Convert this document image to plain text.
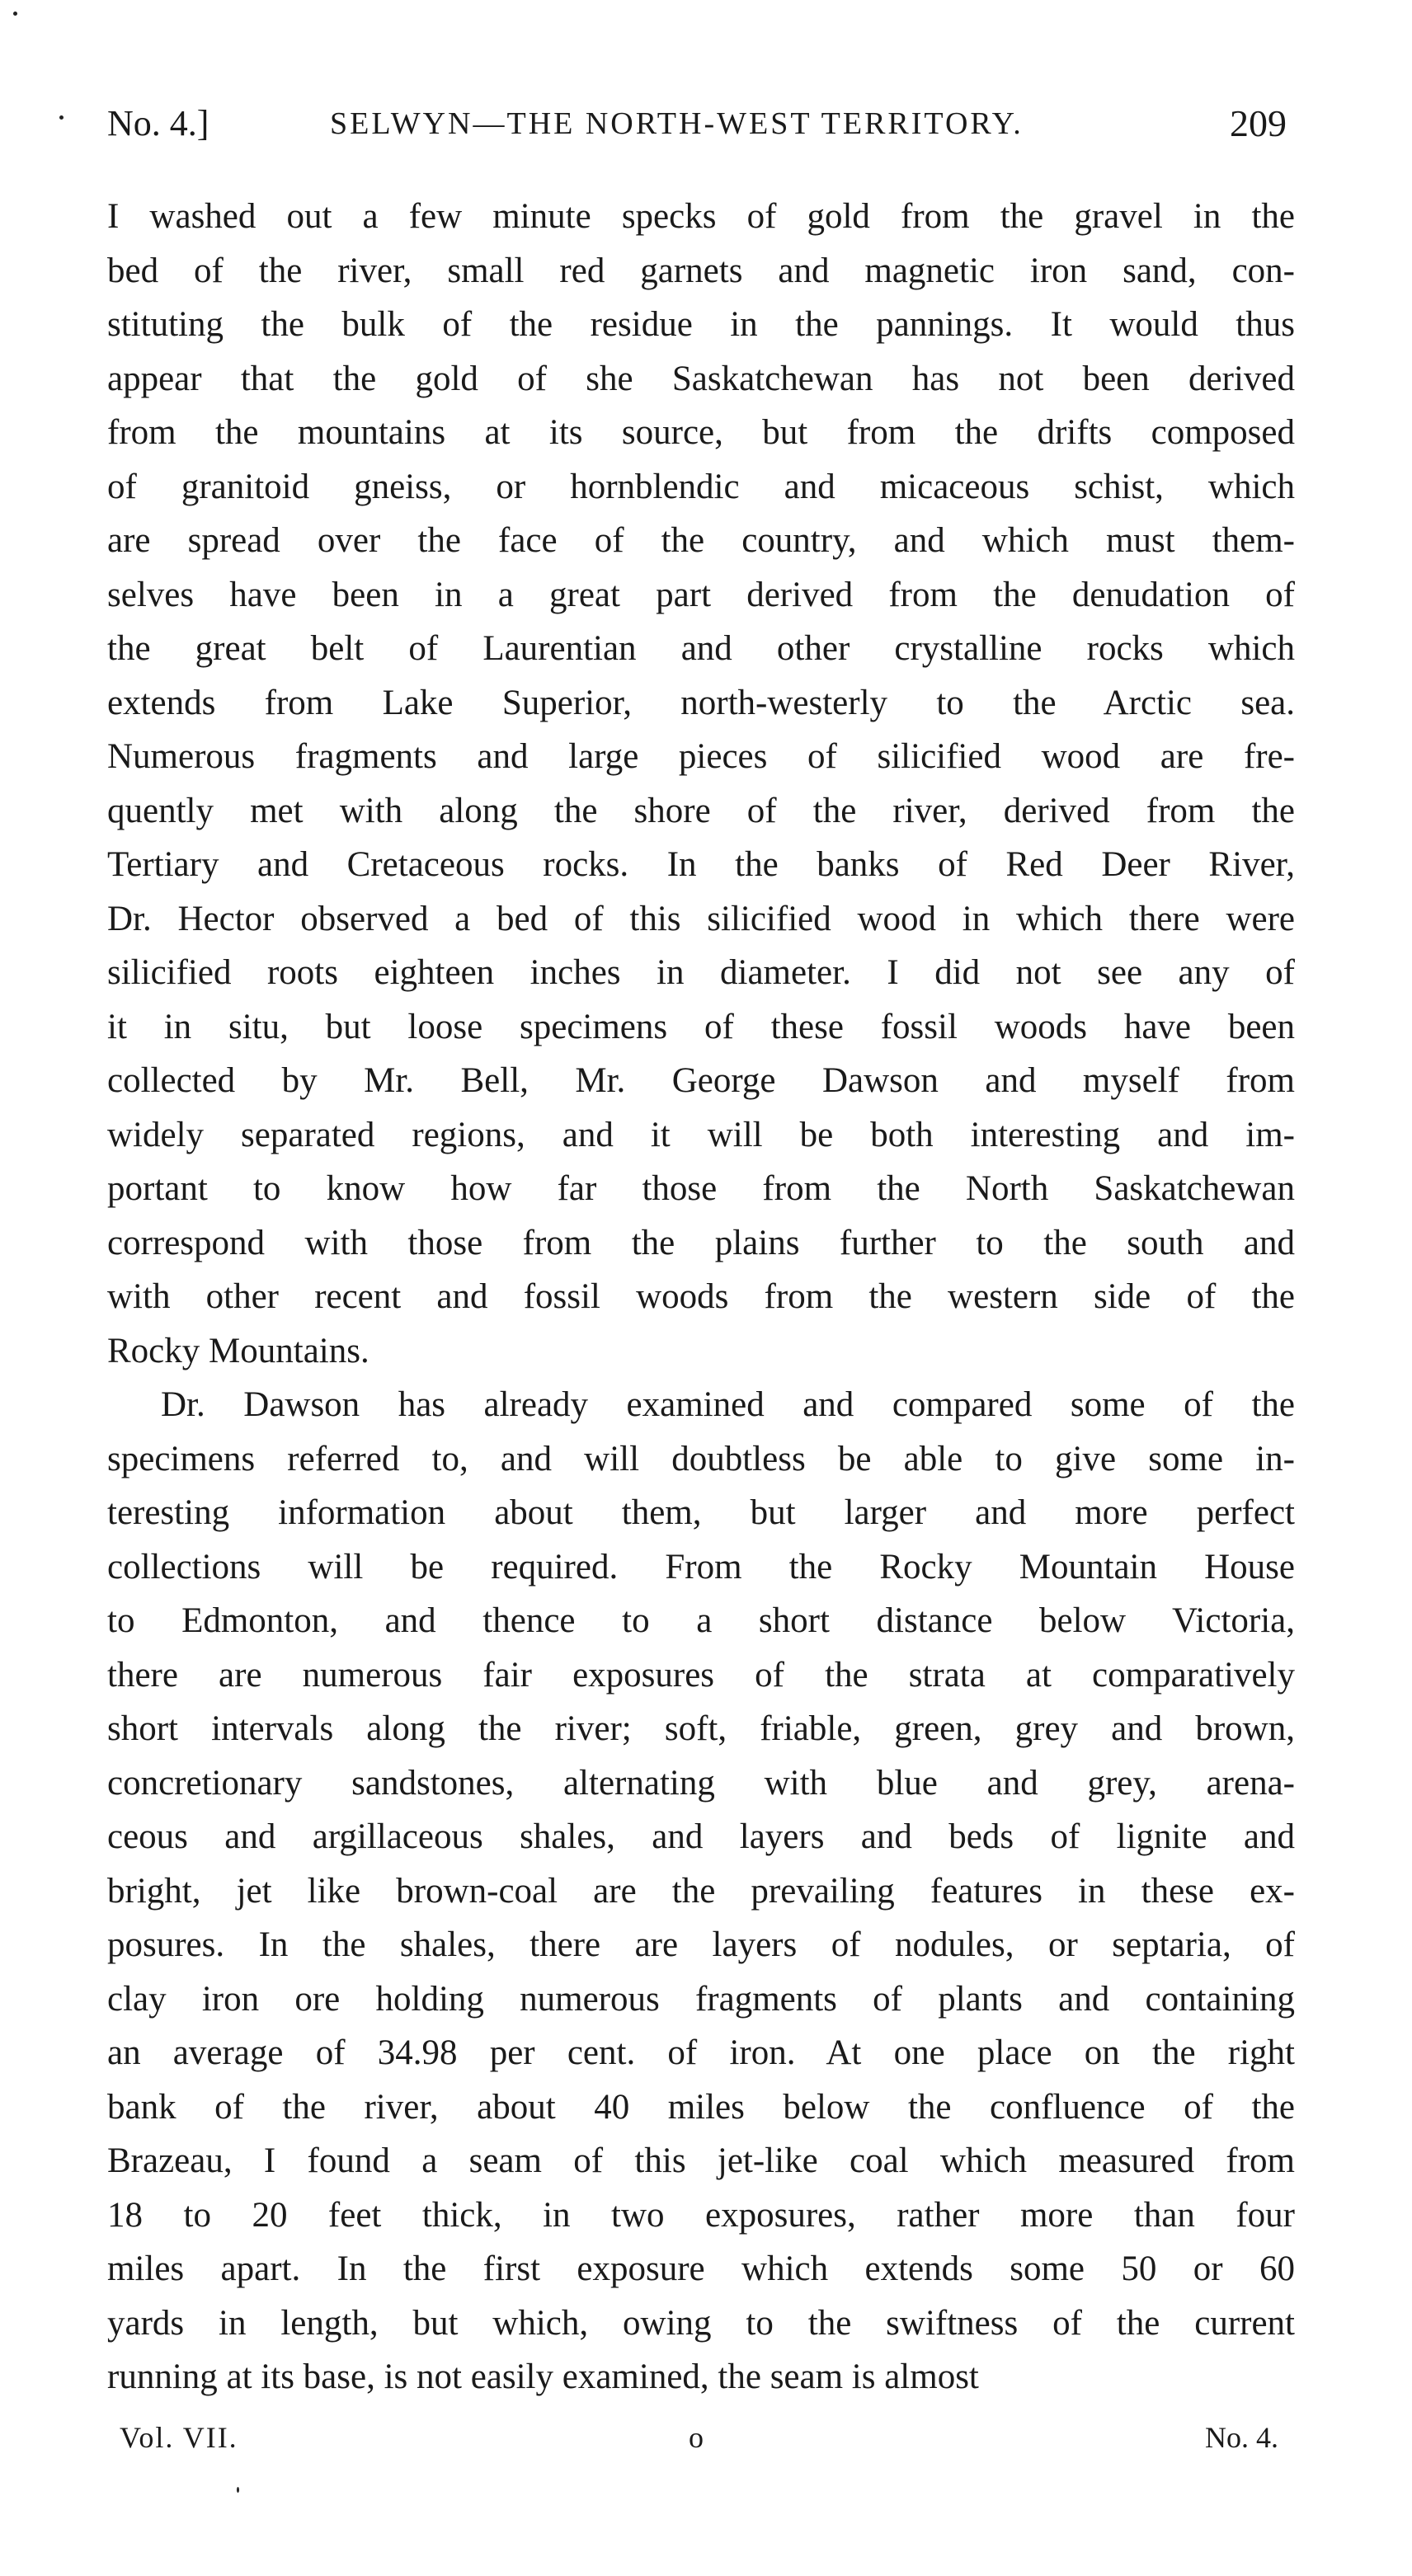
No. 4.]	SELWYN—THE NORTH-WEST TERRITORY.	209
I washed out a few minute specks of gold from the gravel in the
bed of the river, small red garnets and magnetic iron sand, con-
stituting the bulk of the residue in the pannings. It would thus
appear that the gold of she Saskatchewan has not been derived
from the mountains at its source, but from the drifts composed
of granitoid gneiss, or hornblendic and micaceous schist, which
are spread over the face of the country, and which must them-
selves have been in a great part derived from the denudation of
the great belt of Laurentian and other crystalline rocks which
extends from Lake Superior, north-westerly to the Arctic sea.
Numerous fragments and large pieces of silicified wood are fre-
quently met with along the shore of the river, derived from the
Tertiary and Cretaceous rocks. In the banks of Red Deer River,
Dr. Hector observed a bed of this silicified wood in which there were
silicified roots eighteen inches in diameter. I did not see any of
it in situ, but loose specimens of these fossil woods have been
collected by Mr. Bell, Mr. George Dawson and myself from
widely separated regions, and it will be both interesting and im-
portant to know how far those from the North Saskatchewan
correspond with those from the plains further to the south and
with other recent and fossil woods from the western side of the
Rocky Mountains.
Dr. Dawson has already examined and compared some of the
specimens referred to, and will doubtless be able to give some in-
teresting information about them, but larger and more perfect
collections will be required. From the Rocky Mountain House
to Edmonton, and thence to a short distance below Victoria,
there are numerous fair exposures of the strata at comparatively
short intervals along the river; soft, friable, green, grey and brown,
concretionary sandstones, alternating with blue and grey, arena-
ceous and argillaceous shales, and layers and beds of lignite and
bright, jet like brown-coal are the prevailing features in these ex-
posures. In the shales, there are layers of nodules, or septaria, of
clay iron ore holding numerous fragments of plants and containing
an average of 34.98 per cent. of iron. At one place on the right
bank of the river, about 40 miles below the confluence of the
Brazeau, I found a seam of this jet-like coal which measured from
18 to 20 feet thick, in two exposures, rather more than four
miles apart. In the first exposure which extends some 50 or 60
yards in length, but which, owing to the swiftness of the current
running at its base, is not easily examined, the seam is almost
Vol. VII.	o	No. 4.
